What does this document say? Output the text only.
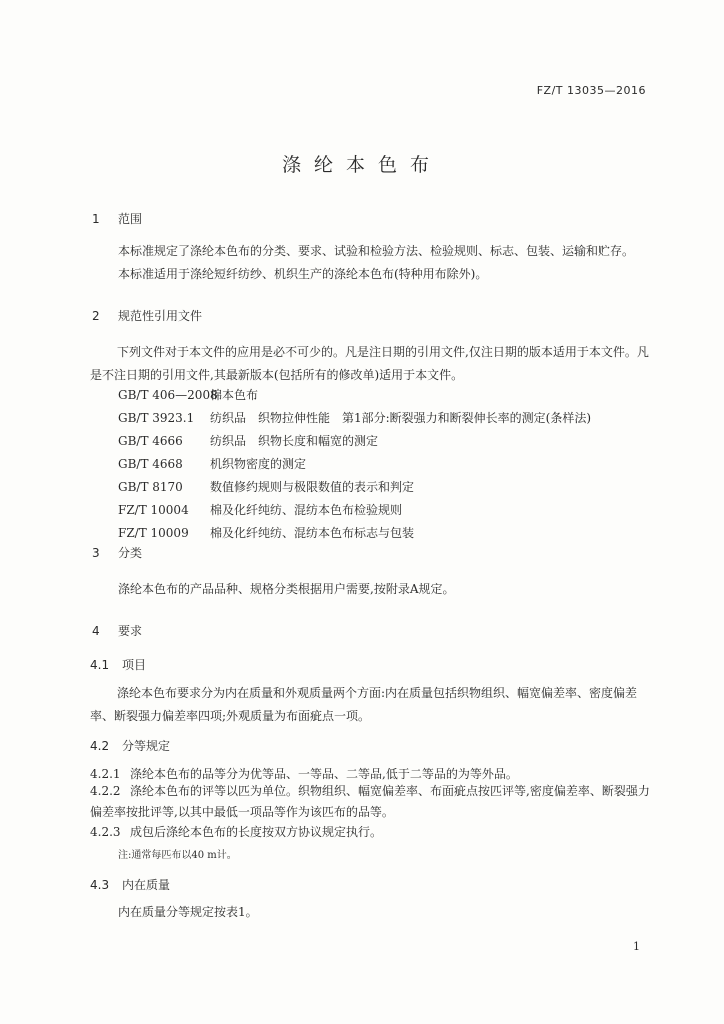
FZ/T 13035—2016
涤纶本色布
1 范围
本标准规定了涤纶本色布的分类、要求、试验和检验方法、检验规则、标志、包装、运输和贮存。
本标准适用于涤纶短纤纺纱、机织生产的涤纶本色布(特种用布除外)。
2 规范性引用文件
下列文件对于本文件的应用是必不可少的。凡是注日期的引用文件,仅注日期的版本适用于本文件。凡是不注日期的引用文件,其最新版本(包括所有的修改单)适用于本文件。
GB/T 406—2008棉本色布
GB/T 3923.1 纺织品　织物拉伸性能　第1部分:断裂强力和断裂伸长率的测定(条样法)
GB/T 4666 纺织品　织物长度和幅宽的测定
GB/T 4668 机织物密度的测定
GB/T 8170 数值修约规则与极限数值的表示和判定
FZ/T 10004 棉及化纤纯纺、混纺本色布检验规则
FZ/T 10009 棉及化纤纯纺、混纺本色布标志与包装
3 分类
涤纶本色布的产品品种、规格分类根据用户需要,按附录A规定。
4 要求
4.1 项目
涤纶本色布要求分为内在质量和外观质量两个方面:内在质量包括织物组织、幅宽偏差率、密度偏差率、断裂强力偏差率四项;外观质量为布面疵点一项。
4.2 分等规定
4.2.1 涤纶本色布的品等分为优等品、一等品、二等品,低于二等品的为等外品。
4.2.2 涤纶本色布的评等以匹为单位。织物组织、幅宽偏差率、布面疵点按匹评等,密度偏差率、断裂强力偏差率按批评等,以其中最低一项品等作为该匹布的品等。
4.2.3 成包后涤纶本色布的长度按双方协议规定执行。
注:通常每匹布以40 m计。
4.3 内在质量
内在质量分等规定按表1。
1
